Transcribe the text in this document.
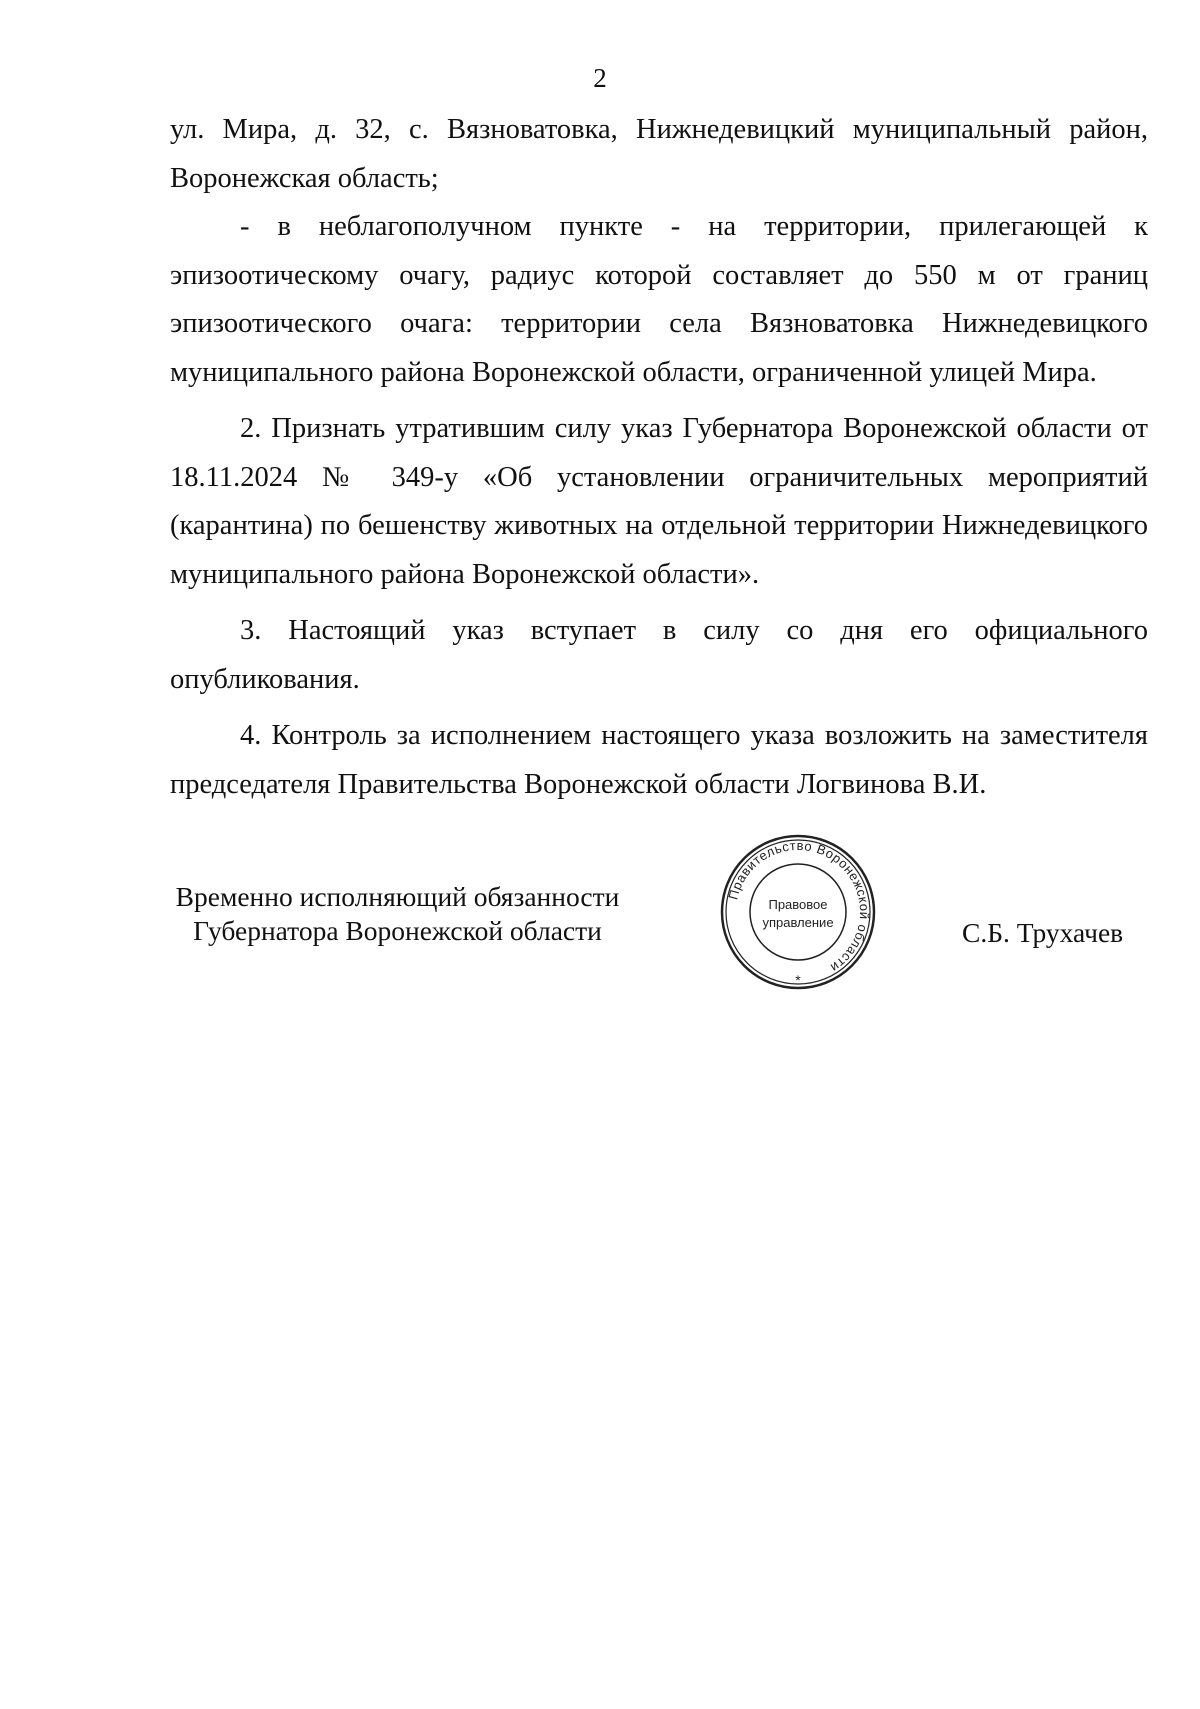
2

ул. Мира, д. 32, с. Вязноватовка, Нижнедевицкий муниципальный район, Воронежская область;

- в неблагополучном пункте - на территории, прилегающей к эпизоотическому очагу, радиус которой составляет до 550 м от границ эпизоотического очага: территории села Вязноватовка Нижнедевицкого муниципального района Воронежской области, ограниченной улицей Мира.

2. Признать утратившим силу указ Губернатора Воронежской области от 18.11.2024 № 349-у «Об установлении ограничительных мероприятий (карантина) по бешенству животных на отдельной территории Нижнедевицкого муниципального района Воронежской области».

3. Настоящий указ вступает в силу со дня его официального опубликования.

4. Контроль за исполнением настоящего указа возложить на заместителя председателя Правительства Воронежской области Логвинова В.И.

Временно исполняющий обязанности
Губернатора Воронежской области
Правительство Воронежской области
Правовое
управление
*
С.Б. Трухачев
